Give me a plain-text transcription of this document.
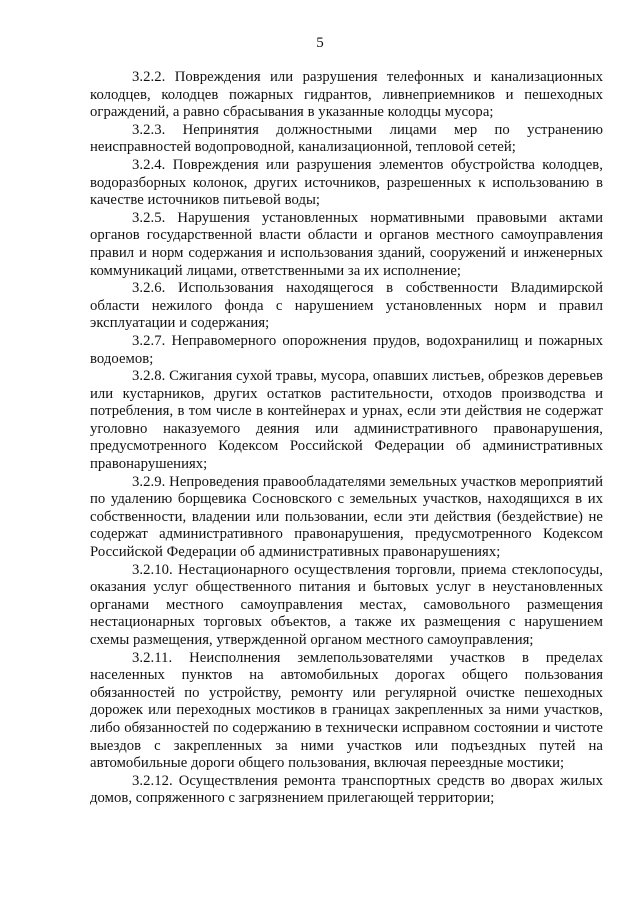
5

3.2.2. Повреждения или разрушения телефонных и канализационных колодцев, колодцев пожарных гидрантов, ливнеприемников и пешеходных ограждений, а равно сбрасывания в указанные колодцы мусора;

3.2.3. Непринятия должностными лицами мер по устранению неисправностей водопроводной, канализационной, тепловой сетей;

3.2.4. Повреждения или разрушения элементов обустройства колодцев, водоразборных колонок, других источников, разрешенных к использованию в качестве источников питьевой воды;

3.2.5. Нарушения установленных нормативными правовыми актами органов государственной власти области и органов местного самоуправления правил и норм содержания и использования зданий, сооружений и инженерных коммуникаций лицами, ответственными за их исполнение;

3.2.6. Использования находящегося в собственности Владимирской области нежилого фонда с нарушением установленных норм и правил эксплуатации и содержания;

3.2.7. Неправомерного опорожнения прудов, водохранилищ и пожарных водоемов;

3.2.8. Сжигания сухой травы, мусора, опавших листьев, обрезков деревьев или кустарников, других остатков растительности, отходов производства и потребления, в том числе в контейнерах и урнах, если эти действия не содержат уголовно наказуемого деяния или административного правонарушения, предусмотренного Кодексом Российской Федерации об административных правонарушениях;

3.2.9. Непроведения правообладателями земельных участков мероприятий по удалению борщевика Сосновского с земельных участков, находящихся в их собственности, владении или пользовании, если эти действия (бездействие) не содержат административного правонарушения, предусмотренного Кодексом Российской Федерации об административных правонарушениях;

3.2.10. Нестационарного осуществления торговли, приема стеклопосуды, оказания услуг общественного питания и бытовых услуг в неустановленных органами местного самоуправления местах, самовольного размещения нестационарных торговых объектов, а также их размещения с нарушением схемы размещения, утвержденной органом местного самоуправления;

3.2.11. Неисполнения землепользователями участков в пределах населенных пунктов на автомобильных дорогах общего пользования обязанностей по устройству, ремонту или регулярной очистке пешеходных дорожек или переходных мостиков в границах закрепленных за ними участков, либо обязанностей по содержанию в технически исправном состоянии и чистоте выездов с закрепленных за ними участков или подъездных путей на автомобильные дороги общего пользования, включая переездные мостики;

3.2.12. Осуществления ремонта транспортных средств во дворах жилых домов, сопряженного с загрязнением прилегающей территории;
